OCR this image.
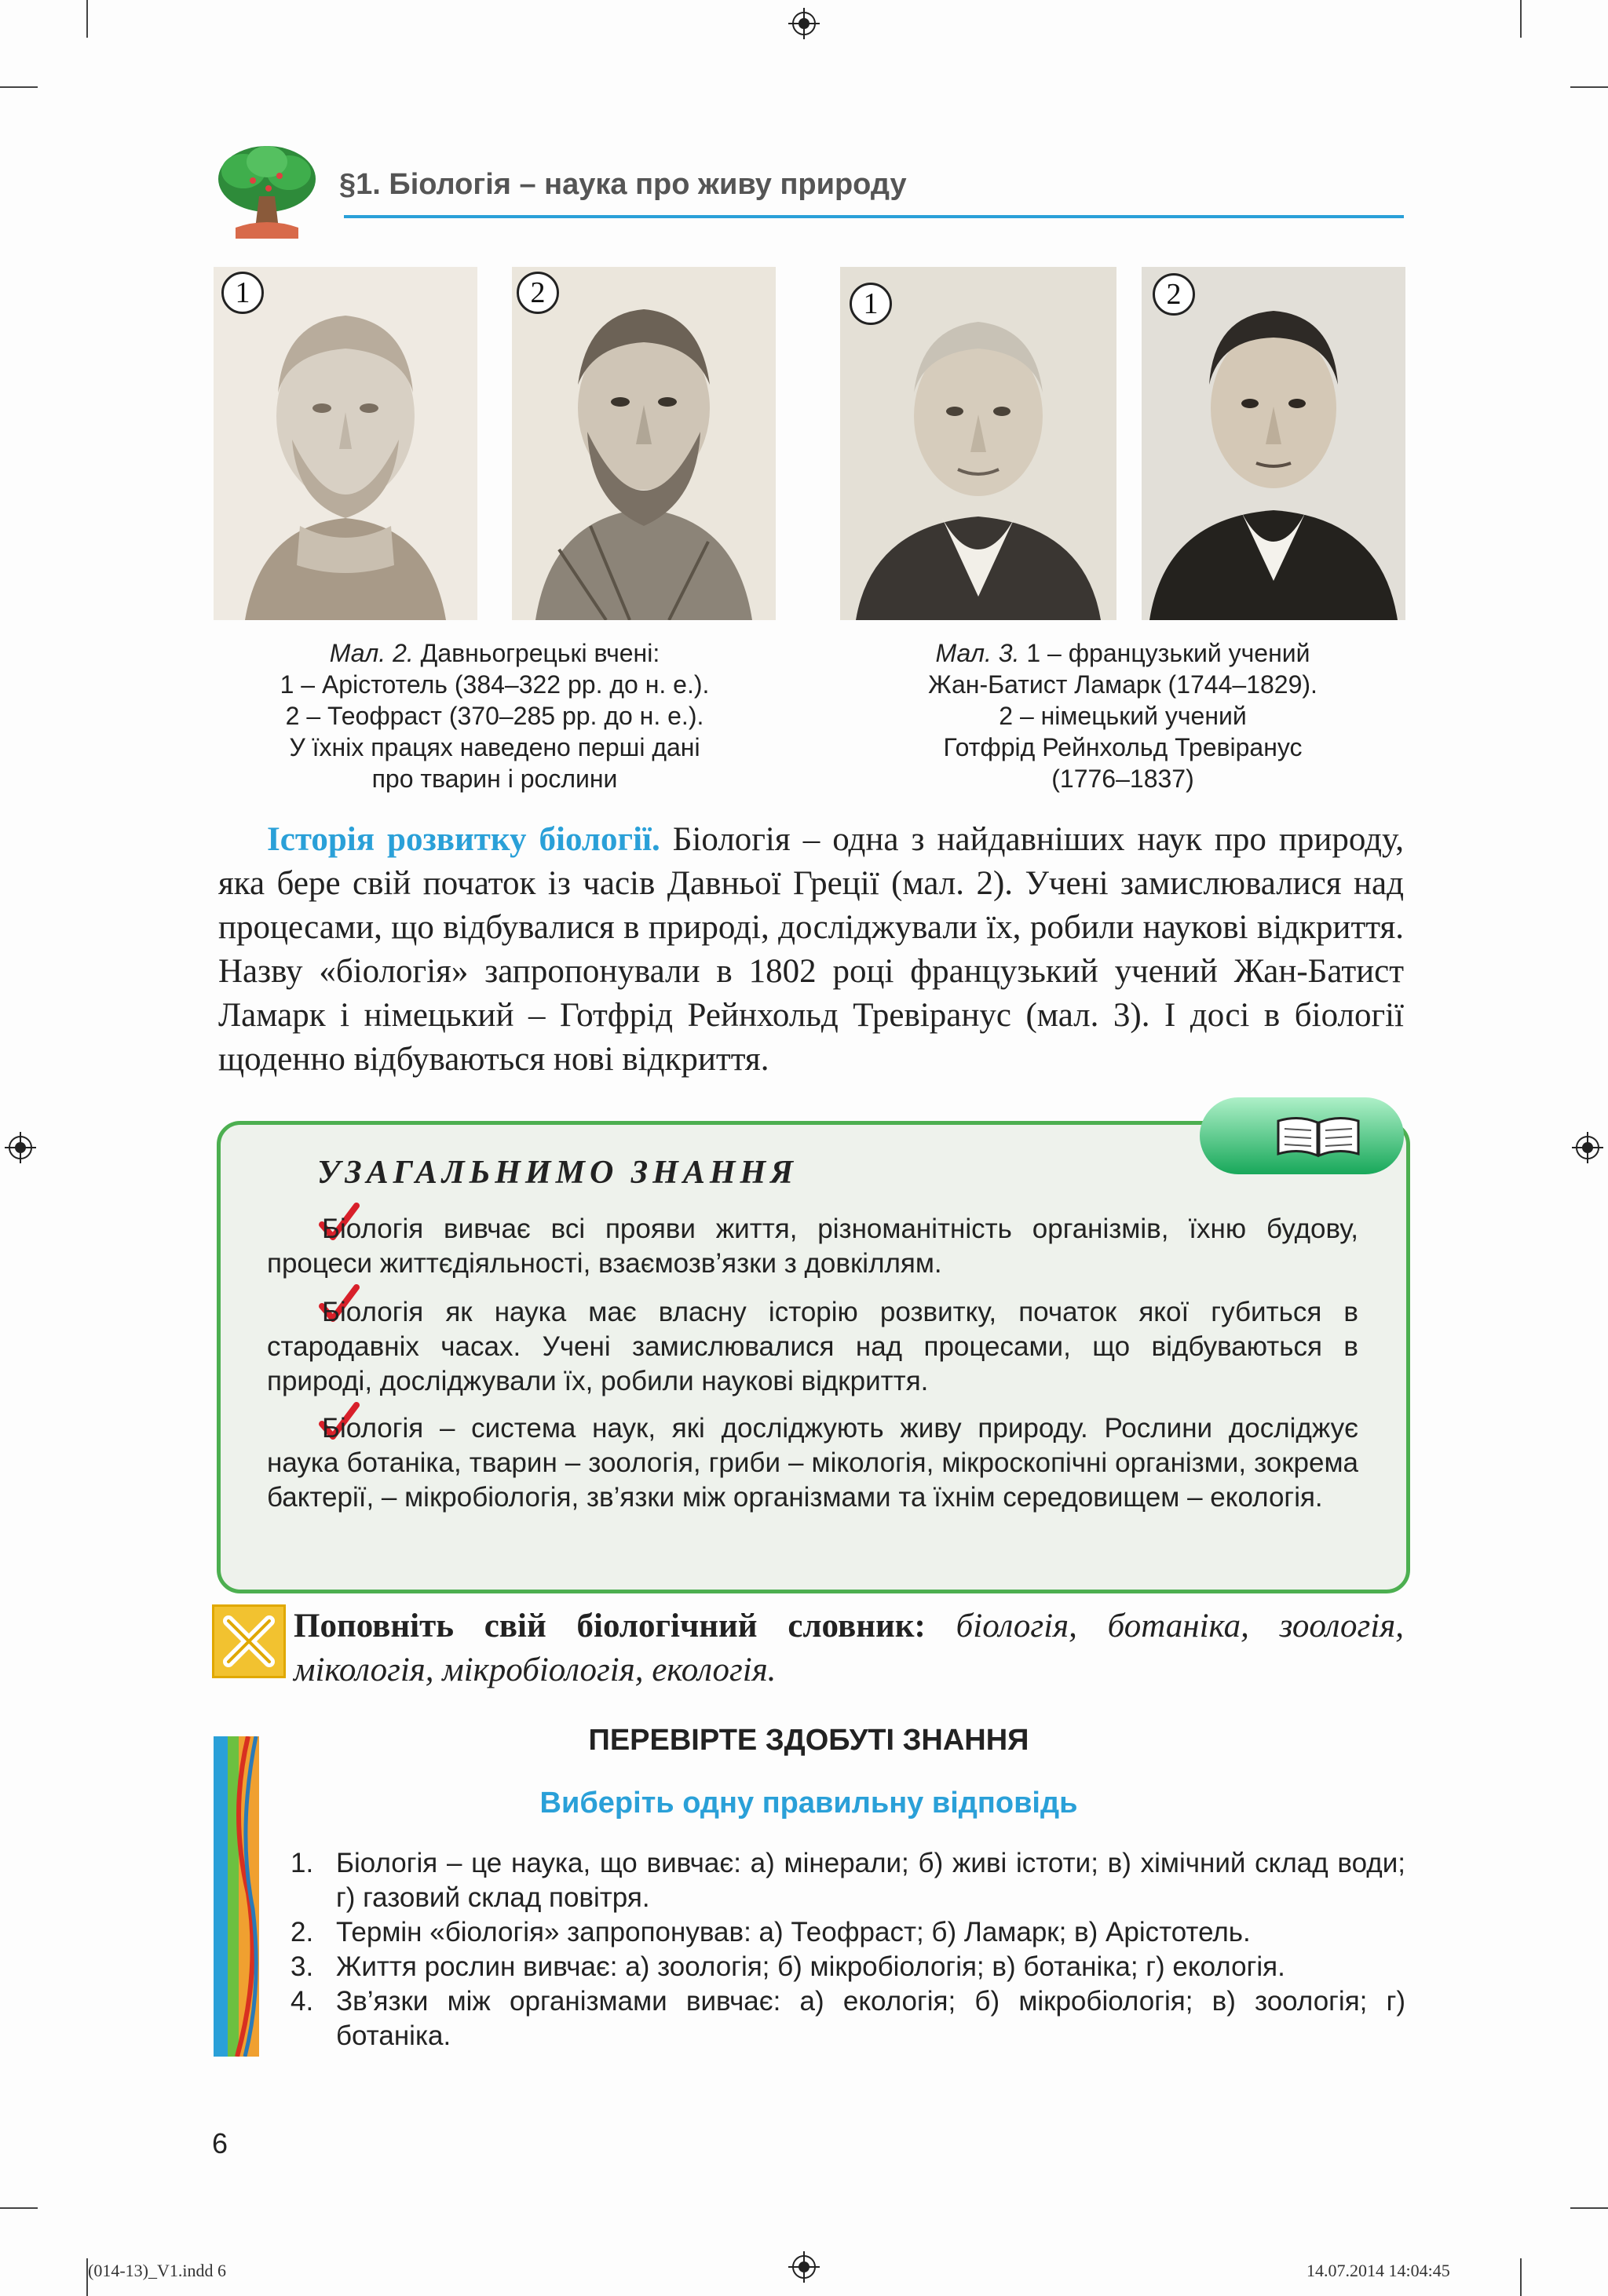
§1. Біологія – наука про живу природу
1	2	1	2
Мал. 2. Давньогрецькі вчені:
1 – Арістотель (384–322 рр. до н. е.).
2 – Теофраст (370–285 рр. до н. е.).
У їхніх працях наведено перші дані
про тварин і рослини
Мал. 3. 1 – французький учений
Жан-Батист Ламарк (1744–1829).
2 – німецький учений
Готфрід Рейнхольд Тревіранус
(1776–1837)
Історія розвитку біології. Біологія – одна з найдавніших наук про природу, яка бере свій початок із часів Давньої Греції (мал. 2). Учені замислювалися над процесами, що відбувалися в природі, досліджували їх, робили наукові відкриття. Назву «біологія» запропонували в 1802 році французький учений Жан-Батист Ламарк і німецький – Готфрід Рейнхольд Тревіранус (мал. 3). І досі в біології щоденно відбуваються нові відкриття.
УЗАГАЛЬНИМО ЗНАННЯ
Біологія вивчає всі прояви життя, різноманітність організмів, їхню будову, процеси життєдіяльності, взаємозв’язки з довкіллям.
Біологія як наука має власну історію розвитку, початок якої губиться в стародавніх часах. Учені замислювалися над процесами, що відбуваються в природі, досліджували їх, робили наукові відкриття.
Біологія – система наук, які досліджують живу природу. Рослини досліджує наука ботаніка, тварин – зоологія, гриби – мікологія, мікроскопічні організми, зокрема бактерії, – мікробіологія, зв’язки між організмами та їхнім середовищем – екологія.
Поповніть свій біологічний словник: біологія, ботаніка, зоологія, мікологія, мікробіологія, екологія.
ПЕРЕВІРТЕ ЗДОБУТІ ЗНАННЯ
Виберіть одну правильну відповідь
1. Біологія – це наука, що вивчає: а) мінерали; б) живі істоти; в) хімічний склад води; г) газовий склад повітря.
2. Термін «біологія» запропонував: а) Теофраст; б) Ламарк; в) Арістотель.
3. Життя рослин вивчає: а) зоологія; б) мікробіологія; в) ботаніка; г) екологія.
4. Зв’язки між організмами вивчає: а) екологія; б) мікробіологія; в) зоологія; г) ботаніка.
6
(014-13)_V1.indd 6	14.07.2014 14:04:45
